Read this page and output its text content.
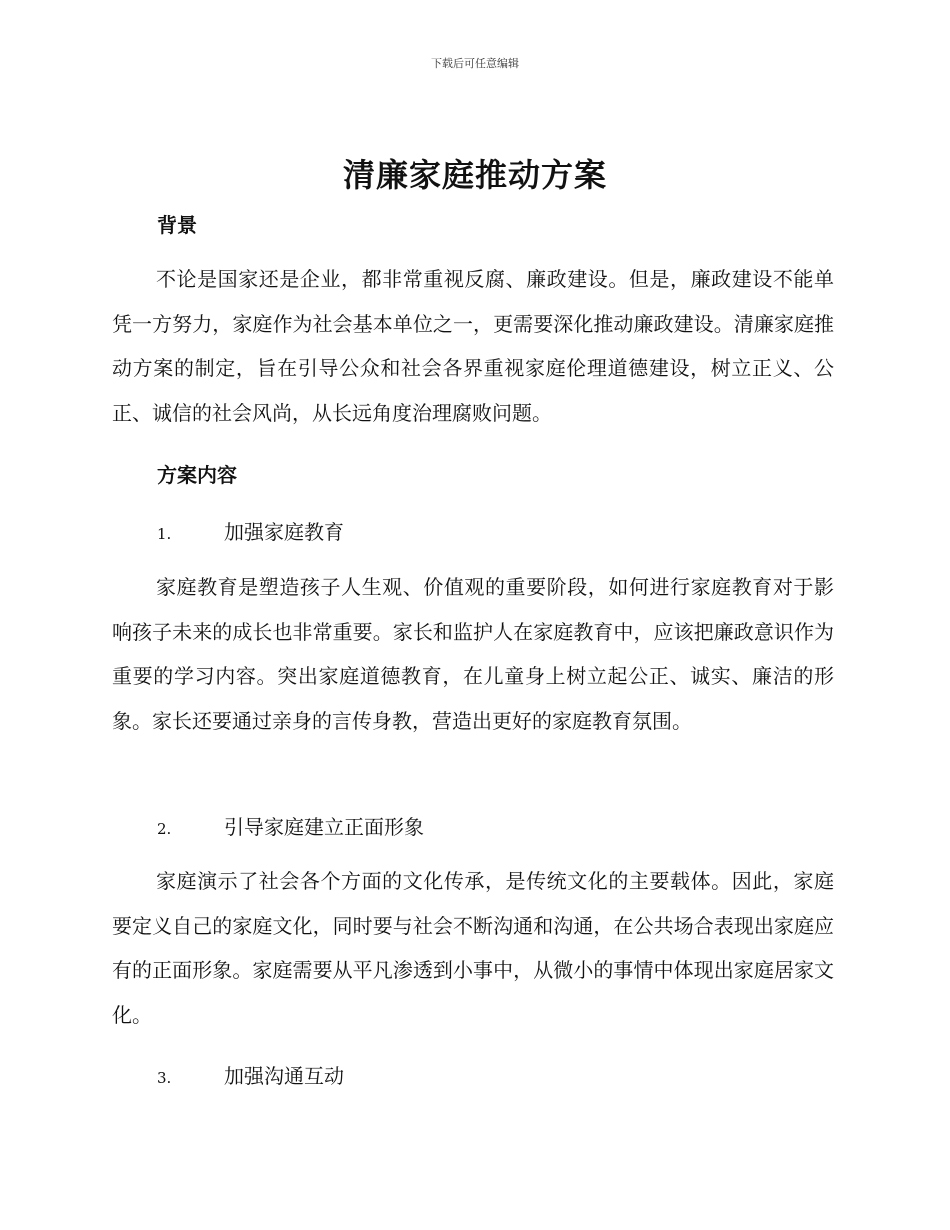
下载后可任意编辑
清廉家庭推动方案
背景

不论是国家还是企业，都非常重视反腐、廉政建设。但是，廉政建设不能单凭一方努力，家庭作为社会基本单位之一，更需要深化推动廉政建设。清廉家庭推动方案的制定，旨在引导公众和社会各界重视家庭伦理道德建设，树立正义、公正、诚信的社会风尚，从长远角度治理腐败问题。

方案内容
1.	加强家庭教育

家庭教育是塑造孩子人生观、价值观的重要阶段，如何进行家庭教育对于影响孩子未来的成长也非常重要。家长和监护人在家庭教育中，应该把廉政意识作为重要的学习内容。突出家庭道德教育，在儿童身上树立起公正、诚实、廉洁的形象。家长还要通过亲身的言传身教，营造出更好的家庭教育氛围。

2.	引导家庭建立正面形象

家庭演示了社会各个方面的文化传承，是传统文化的主要载体。因此，家庭要定义自己的家庭文化，同时要与社会不断沟通和沟通，在公共场合表现出家庭应有的正面形象。家庭需要从平凡渗透到小事中，从微小的事情中体现出家庭居家文化。

3.	加强沟通互动
